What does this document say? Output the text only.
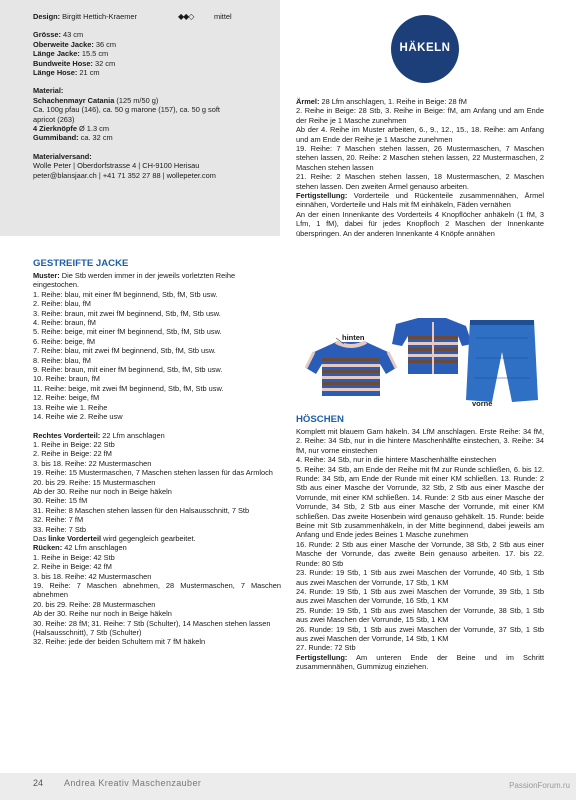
Design: Birgitt Hettich-Kraemer
Grösse: 43 cm
Oberweite Jacke: 36 cm
Länge Jacke: 15.5 cm
Bundweite Hose: 32 cm
Länge Hose: 21 cm
Material:
Schachenmayr Catania (125 m/50 g)
Ca. 100g pfau (146), ca. 50 g marone (157), ca. 50 g soft
apricot (263)
4 Zierknöpfe Ø 1.3 cm
Gummiband: ca. 32 cm
Materialversand:
Wolle Peter | Oberdorfstrasse 4 | CH-9100 Herisau
peter@blansjaar.ch | +41 71 352 27 88 | wollepeter.com
◆◆◇	mittel
HÄKELN
GESTREIFTE JACKE

Muster: Die Stb werden immer in der jeweils vorletzten Reihe eingestochen.

1. Reihe: blau, mit einer fM beginnend, Stb, fM, Stb usw.

2. Reihe: blau, fM

3. Reihe: braun, mit zwei fM beginnend, Stb, fM, Stb usw.

4. Reihe: braun, fM

5. Reihe: beige, mit einer fM beginnend, Stb, fM, Stb usw.

6. Reihe: beige, fM

7. Reihe: blau, mit zwei fM beginnend, Stb, fM, Stb usw.

8. Reihe: blau, fM

9. Reihe: braun, mit einer fM beginnend, Stb, fM, Stb usw.

10. Reihe: braun, fM

11. Reihe: beige, mit zwei fM beginnend, Stb, fM, Stb usw.

12. Reihe: beige, fM

13. Reihe wie 1. Reihe

14. Reihe wie 2. Reihe usw

Rechtes Vorderteil: 22 Lfm anschlagen

1. Reihe in Beige: 22 Stb

2. Reihe in Beige: 22 fM

3. bis 18. Reihe: 22 Mustermaschen

19. Reihe: 15 Mustermaschen, 7 Maschen stehen lassen für das Armloch

20. bis 29. Reihe: 15 Mustermaschen

Ab der 30. Reihe nur noch in Beige häkeln

30. Reihe: 15 fM

31. Reihe: 8 Maschen stehen lassen für den Halsausschnitt, 7 Stb

32. Reihe: 7 fM

33. Reihe: 7 Stb

Das linke Vorderteil wird gegengleich gearbeitet.

Rücken: 42 Lfm anschlagen

1. Reihe in Beige: 42 Stb

2. Reihe in Beige: 42 fM

3. bis 18. Reihe: 42 Mustermaschen

19. Reihe: 7 Maschen abnehmen, 28 Mustermaschen, 7 Maschen abnehmen

20. bis 29. Reihe: 28 Mustermaschen

Ab der 30. Reihe nur noch in Beige häkeln

30. Reihe: 28 fM; 31. Reihe: 7 Stb (Schulter), 14 Maschen stehen lassen (Halsausschnitt), 7 Stb (Schulter)

32. Reihe: jede der beiden Schultern mit 7 fM häkeln

Ärmel: 28 Lfm anschlagen, 1. Reihe in Beige: 28 fM

2. Reihe in Beige: 28 Stb, 3. Reihe in Beige: fM, am Anfang und am Ende der Reihe je 1 Masche zunehmen

Ab der 4. Reihe im Muster arbeiten, 6., 9., 12., 15., 18. Reihe: am Anfang und am Ende der Reihe je 1 Masche zunehmen

19. Reihe: 7 Maschen stehen lassen, 26 Mustermaschen, 7 Maschen stehen lassen, 20. Reihe: 2 Maschen stehen lassen, 22 Mustermaschen, 2 Maschen stehen lassen

21. Reihe: 2 Maschen stehen lassen, 18 Mustermaschen, 2 Maschen stehen lassen. Den zweiten Ärmel genauso arbeiten.

Fertigstellung: Vorderteile und Rückenteile zusammennähen, Ärmel einnähen, Vorderteile und Hals mit fM einhäkeln, Fäden vernähen

An der einen Innenkante des Vorderteils 4 Knopflöcher anhäkeln (1 fM, 3 Lfm, 1 fM), dabei für jedes Knopfloch 2 Maschen der Innenkante überspringen. An der anderen Innenkante 4 Knöpfe annähen

hinten
vorne
HÖSCHEN

Komplett mit blauem Garn häkeln. 34 LfM anschlagen. Erste Reihe: 34 fM, 2. Reihe: 34 Stb, nur in die hintere Maschenhälfte einstechen, 3. Reihe: 34 fM, nur vorne einstechen

4. Reihe: 34 Stb, nur in die hintere Maschenhälfte einstechen

5. Reihe: 34 Stb, am Ende der Reihe mit fM zur Runde schließen, 6. bis 12. Runde: 34 Stb, am Ende der Runde mit einer KM schließen. 13. Runde: 2 Stb aus einer Masche der Vorrunde, 32 Stb, 2 Stb aus einer Masche der Vorrunde, mit einer KM schließen. 14. Runde: 2 Stb aus einer Masche der Vorrunde, 34 Stb, 2 Stb aus einer Masche der Vorrunde, mit einer KM schließen. Das zweite Hosenbein wird genauso gehäkelt. 15. Runde: beide Beine mit Stb zusammenhäkeln, in der Mitte beginnend, dabei jeweils am Anfang und Ende jedes Beines 1 Masche zunehmen

16. Runde: 2 Stb aus einer Masche der Vorrunde, 38 Stb, 2 Stb aus einer Masche der Vorrunde, das zweite Bein genauso arbeiten. 17. bis 22. Runde: 80 Stb

23. Runde: 19 Stb, 1 Stb aus zwei Maschen der Vorrunde, 40 Stb, 1 Stb aus zwei Maschen der Vorrunde, 17 Stb, 1 KM

24. Runde: 19 Stb, 1 Stb aus zwei Maschen der Vorrunde, 39 Stb, 1 Stb aus zwei Maschen der Vorrunde, 16 Stb, 1 KM

25. Runde: 19 Stb, 1 Stb aus zwei Maschen der Vorrunde, 38 Stb, 1 Stb aus zwei Maschen der Vorrunde, 15 Stb, 1 KM

26. Runde: 19 Stb, 1 Stb aus zwei Maschen der Vorrunde, 37 Stb, 1 Stb aus zwei Maschen der Vorrunde, 14 Stb, 1 KM

27. Runde: 72 Stb

Fertigstellung: Am unteren Ende der Beine und im Schritt zusammennähen, Gummizug einziehen.

24 Andrea Kreativ Maschenzauber	PassionForum.ru
